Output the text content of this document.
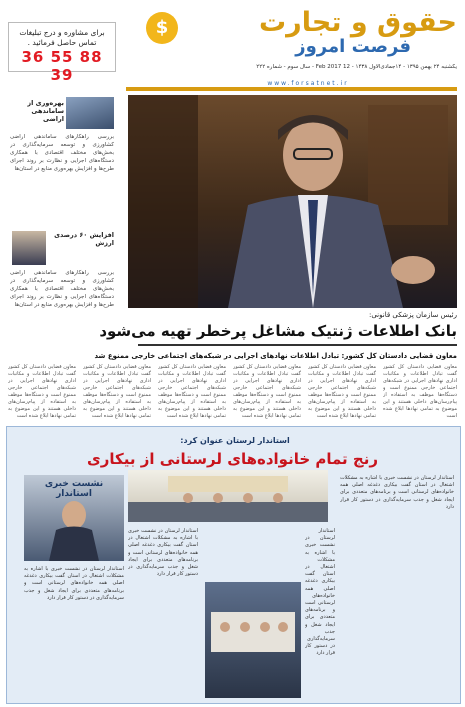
برای مشاوره و درج تبلیغات
تماس حاصل فرمائید .
88 55 36 39
$	حقوق و تجارت
فرصت امروز
یکشنبه ۲۴ بهمن ۱۳۹۵ - ۱۴جمادی‌الاول ۱۴۳۸ - 12 Feb 2017 - سال سوم - شماره ۲۲۲
www.forsatnet.ir
بهره‌وری از ساماندهی اراضی
بررسی راهکارهای ساماندهی اراضی کشاورزی و توسعه سرمایه‌گذاری در بخش‌های مختلف اقتصادی با همکاری دستگاه‌های اجرایی و نظارت بر روند اجرای طرح‌ها و افزایش بهره‌وری منابع در استان‌ها
افزایش ۶۰ درصدی ارزش
بررسی راهکارهای ساماندهی اراضی کشاورزی و توسعه سرمایه‌گذاری در بخش‌های مختلف اقتصادی با همکاری دستگاه‌های اجرایی و نظارت بر روند اجرای طرح‌ها و افزایش بهره‌وری منابع در استان‌ها
رئیس سازمان پزشکی قانونی:
بانک اطلاعات ژنتیک مشاغل پرخطر تهیه می‌شود
معاون قضایی دادستان کل کشور: تبادل اطلاعات نهادهای اجرایی در شبکه‌های اجتماعی خارجی ممنوع شد
معاون قضایی دادستان کل کشور گفت تبادل اطلاعات و مکاتبات اداری نهادهای اجرایی در شبکه‌های اجتماعی خارجی ممنوع است و دستگاه‌ها موظف به استفاده از پیام‌رسان‌های داخلی هستند و این موضوع به تمامی نهادها ابلاغ شده است
معاون قضایی دادستان کل کشور گفت تبادل اطلاعات و مکاتبات اداری نهادهای اجرایی در شبکه‌های اجتماعی خارجی ممنوع است و دستگاه‌ها موظف به استفاده از پیام‌رسان‌های داخلی هستند و این موضوع به تمامی نهادها ابلاغ شده است
معاون قضایی دادستان کل کشور گفت تبادل اطلاعات و مکاتبات اداری نهادهای اجرایی در شبکه‌های اجتماعی خارجی ممنوع است و دستگاه‌ها موظف به استفاده از پیام‌رسان‌های داخلی هستند و این موضوع به تمامی نهادها ابلاغ شده است
معاون قضایی دادستان کل کشور گفت تبادل اطلاعات و مکاتبات اداری نهادهای اجرایی در شبکه‌های اجتماعی خارجی ممنوع است و دستگاه‌ها موظف به استفاده از پیام‌رسان‌های داخلی هستند و این موضوع به تمامی نهادها ابلاغ شده است
معاون قضایی دادستان کل کشور گفت تبادل اطلاعات و مکاتبات اداری نهادهای اجرایی در شبکه‌های اجتماعی خارجی ممنوع است و دستگاه‌ها موظف به استفاده از پیام‌رسان‌های داخلی هستند و این موضوع به تمامی نهادها ابلاغ شده است
معاون قضایی دادستان کل کشور گفت تبادل اطلاعات و مکاتبات اداری نهادهای اجرایی در شبکه‌های اجتماعی خارجی ممنوع است و دستگاه‌ها موظف به استفاده از پیام‌رسان‌های داخلی هستند و این موضوع به تمامی نهادها ابلاغ شده است
استاندار لرستان عنوان کرد:
رنج تمام خانواده‌های لرستانی از بیکاری
نشست خبری استاندار
استاندار لرستان در نشست خبری با اشاره به مشکلات اشتغال در استان گفت بیکاری دغدغه اصلی همه خانواده‌های لرستانی است و برنامه‌های متعددی برای ایجاد شغل و جذب سرمایه‌گذاری در دستور کار قرار دارد
استاندار لرستان در نشست خبری با اشاره به مشکلات اشتغال در استان گفت بیکاری دغدغه اصلی همه خانواده‌های لرستانی است و برنامه‌های متعددی برای ایجاد شغل و جذب سرمایه‌گذاری در دستور کار قرار دارد
استاندار لرستان در نشست خبری با اشاره به مشکلات اشتغال در استان گفت بیکاری دغدغه اصلی همه خانواده‌های لرستانی است و برنامه‌های متعددی برای ایجاد شغل و جذب سرمایه‌گذاری در دستور کار قرار دارد
استاندار لرستان در نشست خبری با اشاره به مشکلات اشتغال در استان گفت بیکاری دغدغه اصلی همه خانواده‌های لرستانی است و برنامه‌های متعددی برای ایجاد شغل و جذب سرمایه‌گذاری در دستور کار قرار دارد
